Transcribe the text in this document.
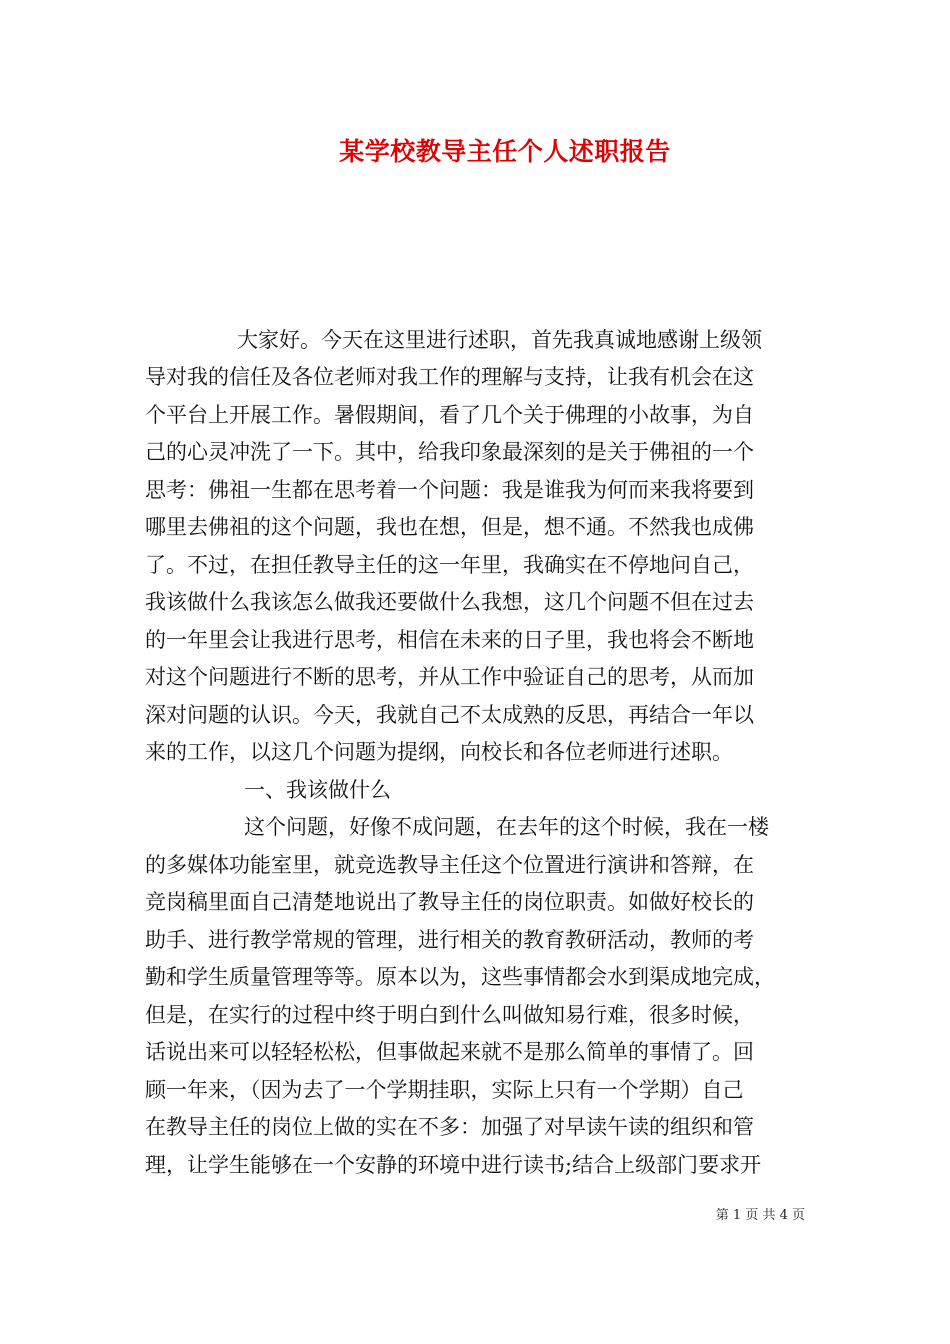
某学校教导主任个人述职报告
大家好。今天在这里进行述职，首先我真诚地感谢上级领
导对我的信任及各位老师对我工作的理解与支持，让我有机会在这
个平台上开展工作。暑假期间，看了几个关于佛理的小故事，为自
己的心灵冲洗了一下。其中，给我印象最深刻的是关于佛祖的一个
思考：佛祖一生都在思考着一个问题：我是谁我为何而来我将要到
哪里去佛祖的这个问题，我也在想，但是，想不通。不然我也成佛
了。不过，在担任教导主任的这一年里，我确实在不停地问自己，
我该做什么我该怎么做我还要做什么我想，这几个问题不但在过去
的一年里会让我进行思考，相信在未来的日子里，我也将会不断地
对这个问题进行不断的思考，并从工作中验证自己的思考，从而加
深对问题的认识。今天，我就自己不太成熟的反思，再结合一年以
来的工作，以这几个问题为提纲，向校长和各位老师进行述职。
一、我该做什么
这个问题，好像不成问题，在去年的这个时候，我在一楼
的多媒体功能室里，就竞选教导主任这个位置进行演讲和答辩，在
竞岗稿里面自己清楚地说出了教导主任的岗位职责。如做好校长的
助手、进行教学常规的管理，进行相关的教育教研活动，教师的考
勤和学生质量管理等等。原本以为，这些事情都会水到渠成地完成，
但是，在实行的过程中终于明白到什么叫做知易行难，很多时候，
话说出来可以轻轻松松，但事做起来就不是那么简单的事情了。回
顾一年来，（因为去了一个学期挂职，实际上只有一个学期）自己
在教导主任的岗位上做的实在不多：加强了对早读午读的组织和管
理，让学生能够在一个安静的环境中进行读书;结合上级部门要求开
第 1 页 共 4 页
